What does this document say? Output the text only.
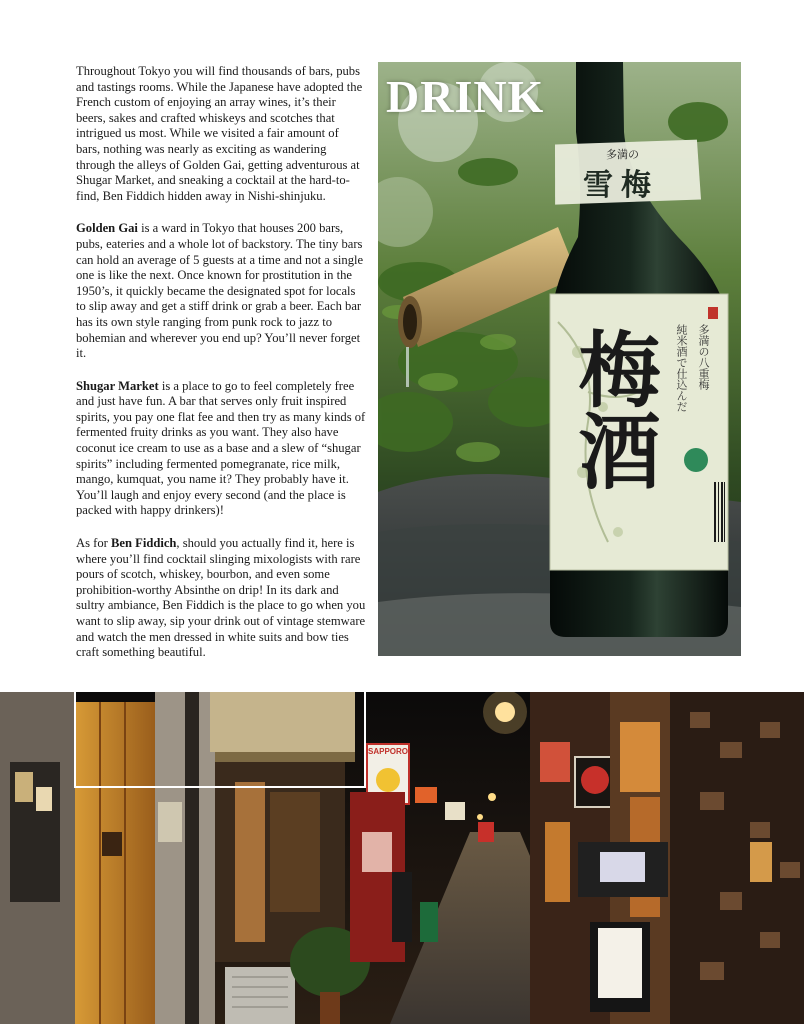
Throughout Tokyo you will find thousands of bars, pubs and tastings rooms. While the Japanese have adopted the French custom of enjoying an array wines, it’s their beers, sakes and crafted whiskeys and scotches that intrigued us most. While we visited a fair amount of bars, nothing was nearly as exciting as wandering through the alleys of Golden Gai, getting adventurous at Shugar Market, and sneaking a cocktail at the hard-to-find, Ben Fiddich hidden away in Nishi-shinjuku.

Golden Gai is a ward in Tokyo that houses 200 bars, pubs, eateries and a whole lot of backstory. The tiny bars can hold an average of 5 guests at a time and not a single one is like the next. Once known for prostitution in the 1950’s, it quickly became the designated spot for locals to slip away and get a stiff drink or grab a beer. Each bar has its own style ranging from punk rock to jazz to bohemian and wherever you end up? You’ll never forget it.

Shugar Market is a place to go to feel completely free and just have fun. A bar that serves only fruit inspired spirits, you pay one flat fee and then try as many kinds of fermented fruity drinks as you want. They also have coconut ice cream to use as a base and a slew of “shugar spirits” including fermented pomegranate, rice milk, mango, kumquat, you name it? They probably have it. You’ll laugh and enjoy every second (and the place is packed with happy drinkers)!

As for Ben Fiddich, should you actually find it, here is where you’ll find cocktail slinging mixologists with rare pours of scotch, whiskey, bourbon, and even some prohibition-worthy Absinthe on drip! In its dark and sultry ambiance, Ben Fiddich is the place to go when you want to slip away, sip your drink out of vintage stemware and watch the men dressed in white suits and bow ties craft something beautiful.

多満の
雪梅
純米酒で仕込んだ 多満の八重梅
梅酒
DRINK
SAPPORO
